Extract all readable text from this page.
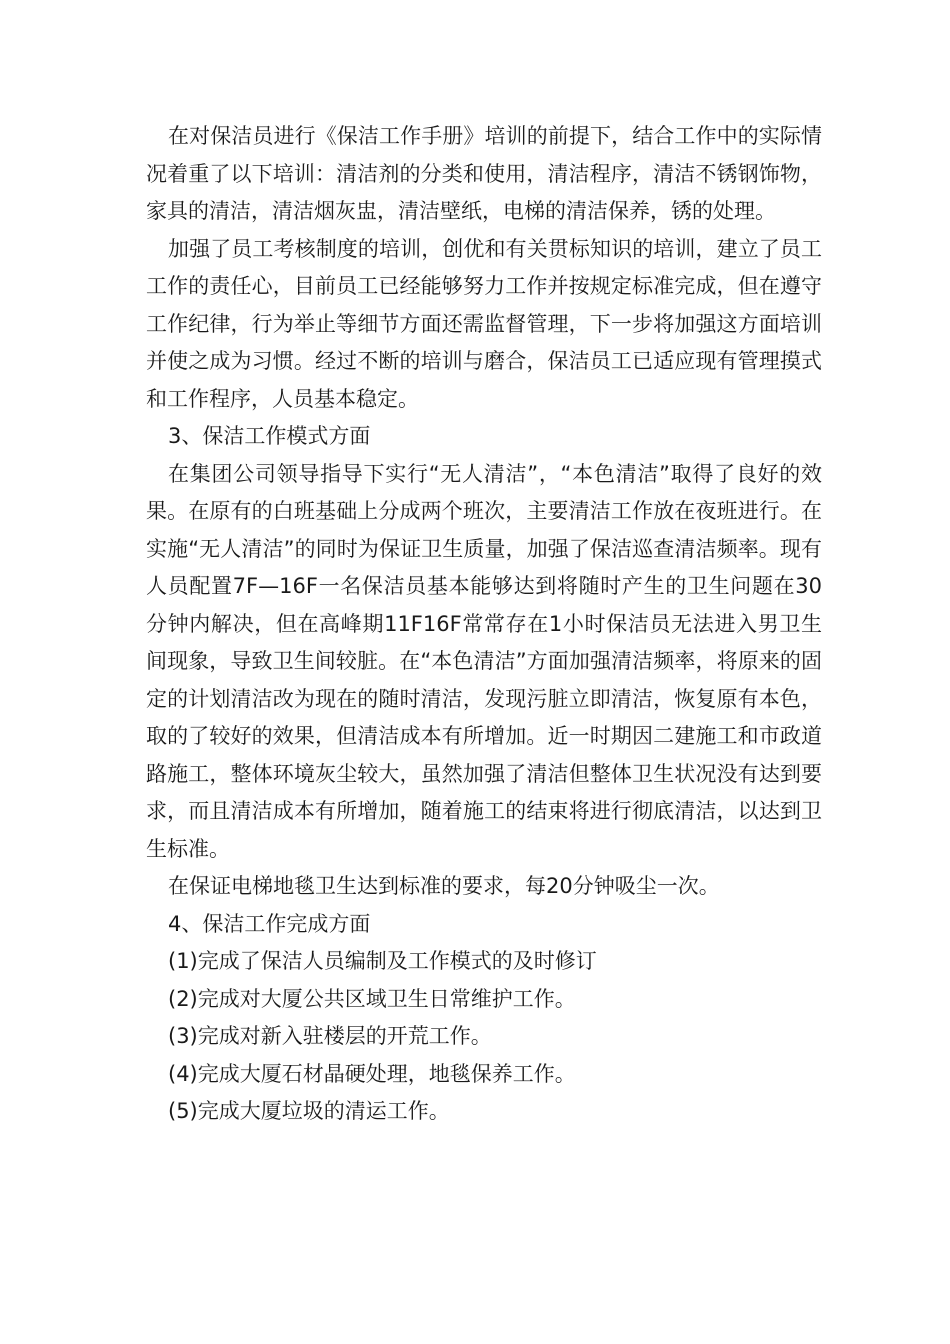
在对保洁员进行《保洁工作手册》培训的前提下，结合工作中的实际情况着重了以下培训：清洁剂的分类和使用，清洁程序，清洁不锈钢饰物，家具的清洁，清洁烟灰盅，清洁壁纸，电梯的清洁保养，锈的处理。

加强了员工考核制度的培训，创优和有关贯标知识的培训，建立了员工工作的责任心，目前员工已经能够努力工作并按规定标准完成，但在遵守工作纪律，行为举止等细节方面还需监督管理，下一步将加强这方面培训并使之成为习惯。经过不断的培训与磨合，保洁员工已适应现有管理摸式和工作程序，人员基本稳定。

3、保洁工作模式方面

在集团公司领导指导下实行“无人清洁”，“本色清洁”取得了良好的效果。在原有的白班基础上分成两个班次，主要清洁工作放在夜班进行。在实施“无人清洁”的同时为保证卫生质量，加强了保洁巡查清洁频率。现有人员配置7F—16F一名保洁员基本能够达到将随时产生的卫生问题在30分钟内解决，但在高峰期11F16F常常存在1小时保洁员无法进入男卫生间现象，导致卫生间较脏。在“本色清洁”方面加强清洁频率，将原来的固定的计划清洁改为现在的随时清洁，发现污脏立即清洁，恢复原有本色，取的了较好的效果，但清洁成本有所增加。近一时期因二建施工和市政道路施工，整体环境灰尘较大，虽然加强了清洁但整体卫生状况没有达到要求，而且清洁成本有所增加，随着施工的结束将进行彻底清洁，以达到卫生标准。

在保证电梯地毯卫生达到标准的要求，每20分钟吸尘一次。

4、保洁工作完成方面

(1)完成了保洁人员编制及工作模式的及时修订

(2)完成对大厦公共区域卫生日常维护工作。

(3)完成对新入驻楼层的开荒工作。

(4)完成大厦石材晶硬处理，地毯保养工作。

(5)完成大厦垃圾的清运工作。
